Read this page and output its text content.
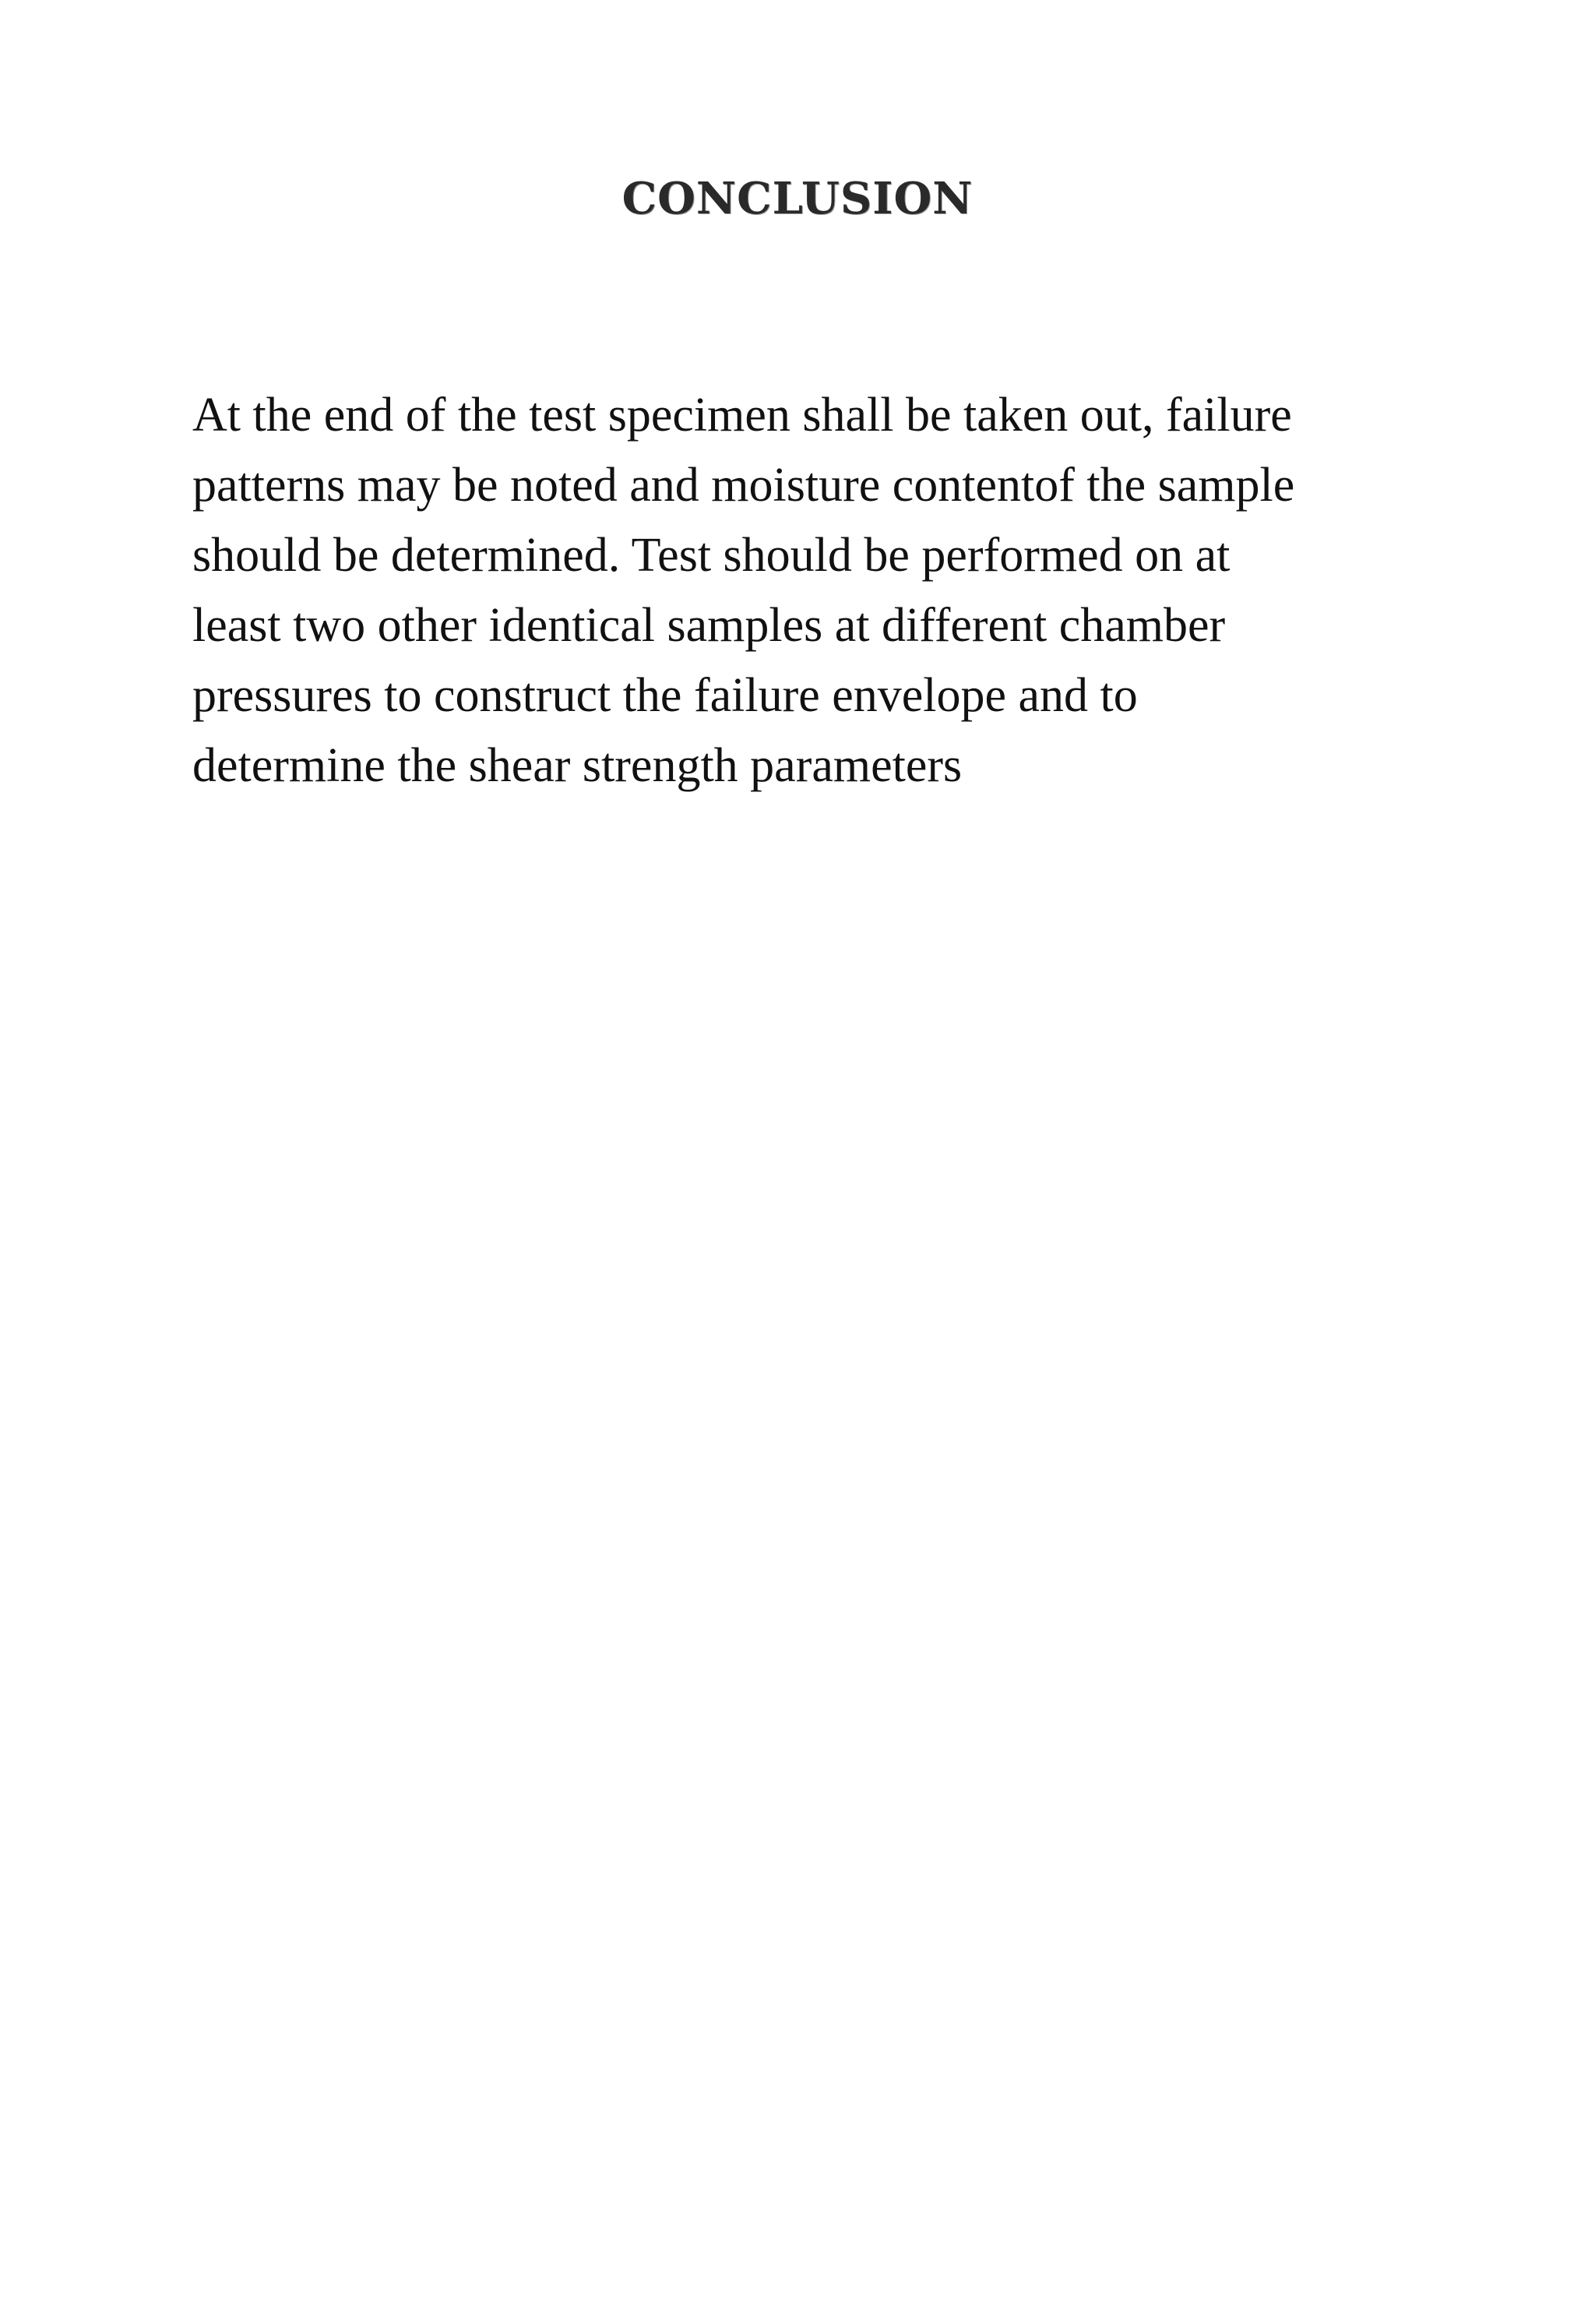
CONCLUSION
At the end of the test specimen shall be taken out, failure
patterns may be noted and moisture contentof the sample
should be determined. Test should be performed on at
least two other identical samples at different chamber
pressures to construct the failure envelope and to
determine the shear strength parameters
